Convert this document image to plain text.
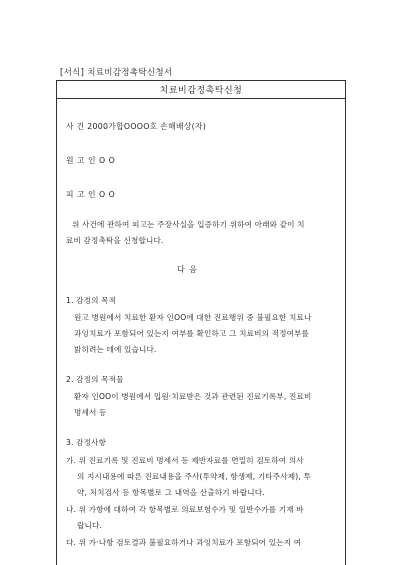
[서식] 치료비감정촉탁신청서
치료비감정촉탁신청
사 건 2000가합OOOO호 손해배상(자)
원 고 인 O O
피 고 인 O O
위 사건에 관하여 피고는 주장사실을 입증하기 위하여 아래와 같이 치
료비 감정촉탁을 신청합니다.
다 음
1. 감정의 목적
원고 병원에서 치료한 환자 인OO에 대한 진료행위 중 불필요한 치료나
과잉치료가 포함되어 있는지 여부를 확인하고 그 치료비의 적정여부를
밝히려는 데에 있습니다.
2. 감정의 목적물
환자 인OO이 병원에서 입원·치료받은 것과 관련된 진료기록부, 진료비
명세서 등
3. 감정사항
가. 위 진료기록 및 진료비 명세서 등 제반자료를 면밀히 검토하여 의사
의 지시내용에 따른 진료내용을 주사(투약제, 항생제, 기타주사제), 투
약, 처치검사 등 항목별로 그 내역을 산출하기 바랍니다.
나. 위 가항에 대하여 각 항목별로 의료보험수가 및 일반수가를 기재 바
랍니다.
다. 위 가·나항 검토결과 불필요하거나 과잉치료가 포함되어 있는지 여
